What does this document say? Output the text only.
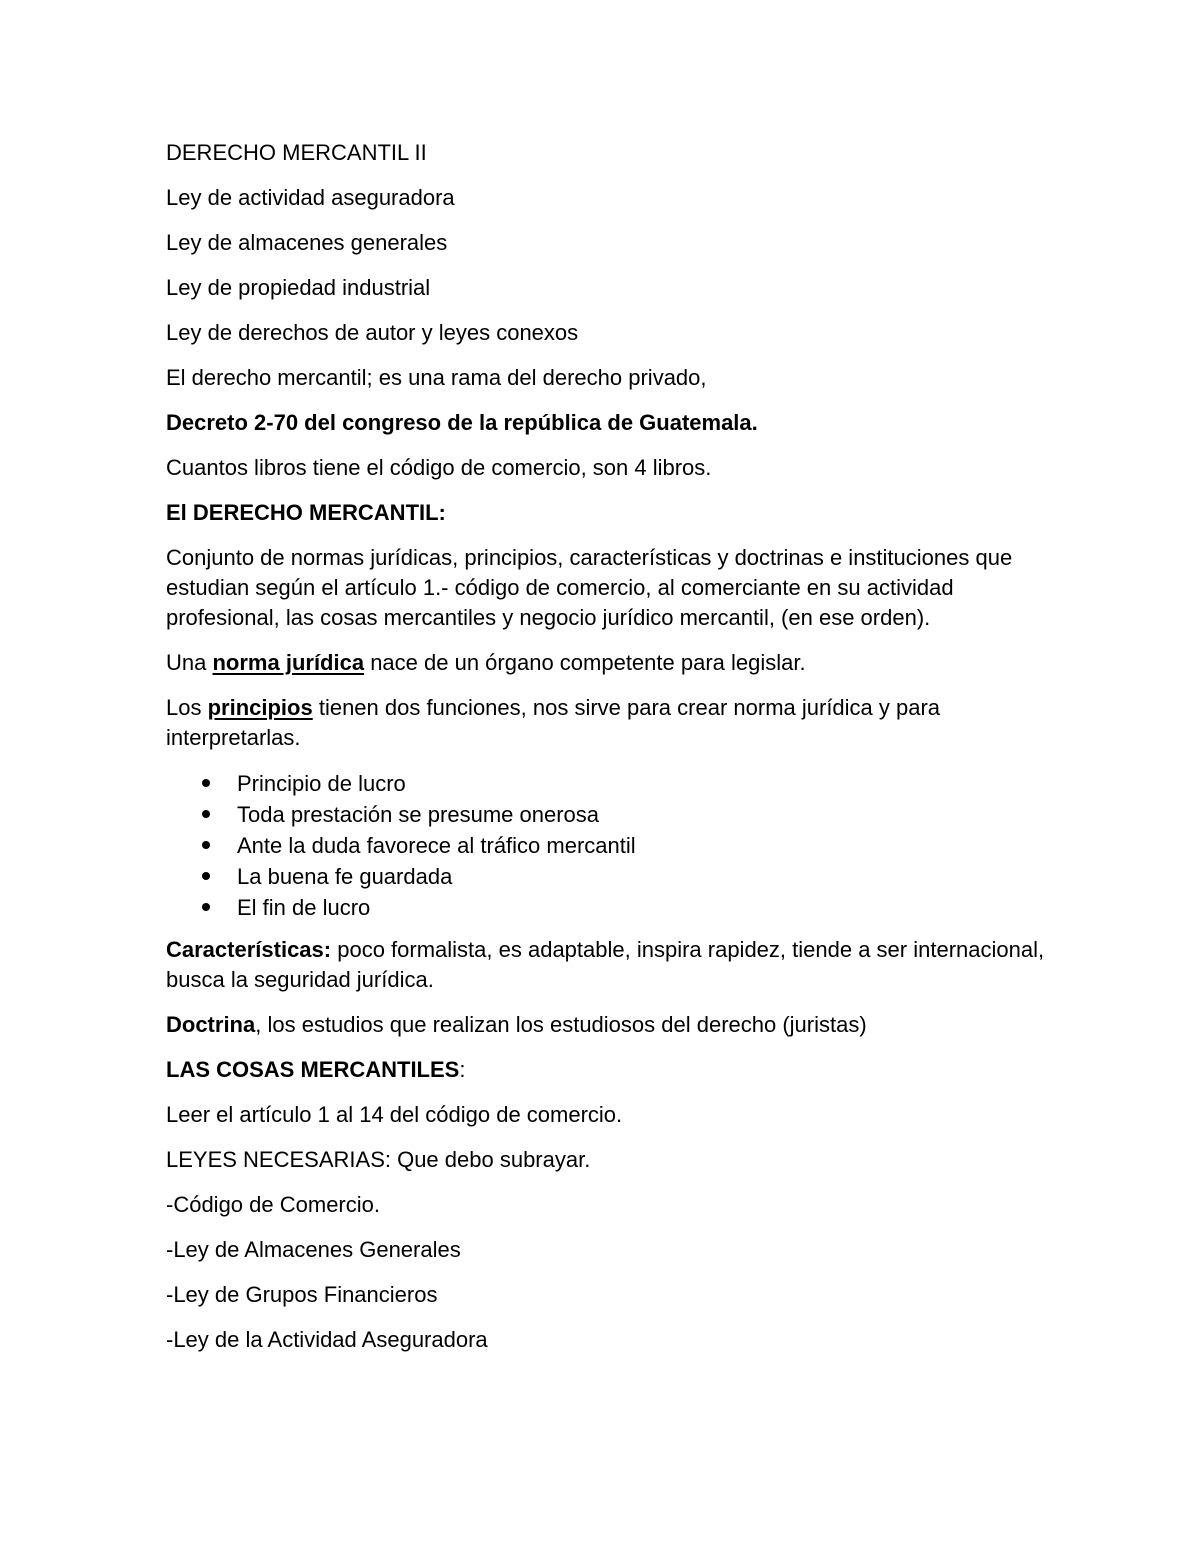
DERECHO MERCANTIL II

Ley de actividad aseguradora

Ley de almacenes generales

Ley de propiedad industrial

Ley de derechos de autor y leyes conexos

El derecho mercantil; es una rama del derecho privado,

Decreto 2-70 del congreso de la república de Guatemala.

Cuantos libros tiene el código de comercio, son 4 libros.

El DERECHO MERCANTIL:

Conjunto de normas jurídicas, principios, características y doctrinas e instituciones que estudian según el artículo 1.- código de comercio, al comerciante en su actividad profesional, las cosas mercantiles y negocio jurídico mercantil, (en ese orden).

Una norma jurídica nace de un órgano competente para legislar.

Los principios tienen dos funciones, nos sirve para crear norma jurídica y para interpretarlas.

Principio de lucro
Toda prestación se presume onerosa
Ante la duda favorece al tráfico mercantil
La buena fe guardada
El fin de lucro

Características: poco formalista, es adaptable, inspira rapidez, tiende a ser internacional, busca la seguridad jurídica.

Doctrina, los estudios que realizan los estudiosos del derecho (juristas)

LAS COSAS MERCANTILES:

Leer el artículo 1 al 14 del código de comercio.

LEYES NECESARIAS: Que debo subrayar.

-Código de Comercio.

-Ley de Almacenes Generales

-Ley de Grupos Financieros

-Ley de la Actividad Aseguradora
